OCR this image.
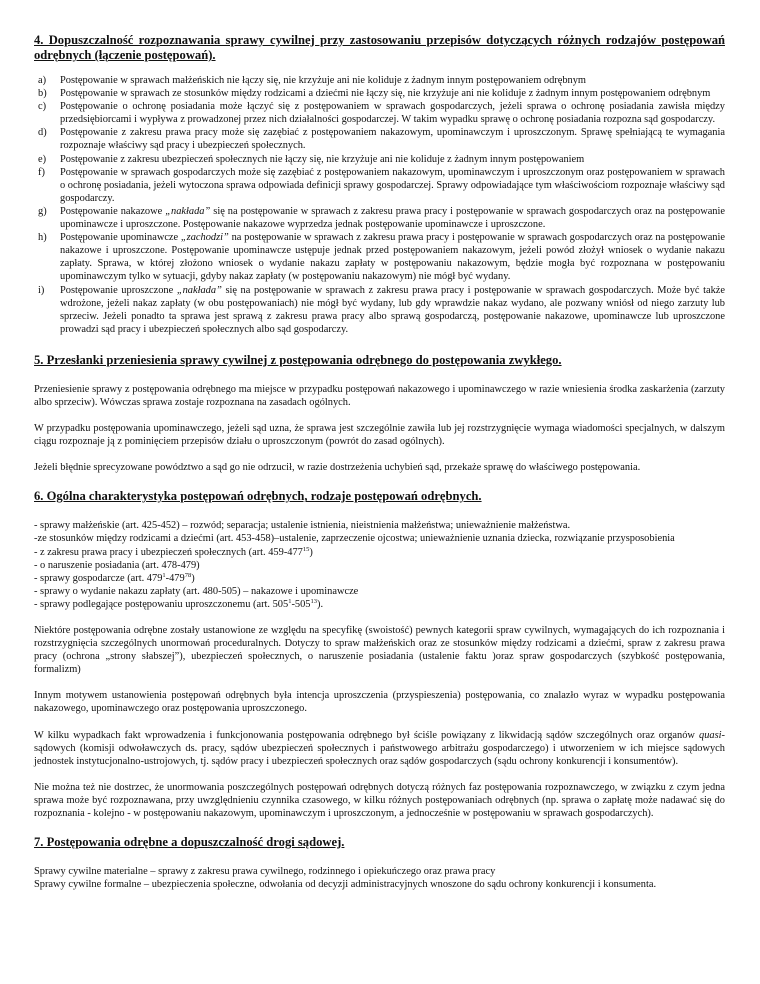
4. Dopuszczalność rozpoznawania sprawy cywilnej przy zastosowaniu przepisów dotyczących różnych rodzajów postępowań odrębnych (łączenie postępowań).
a)	Postępowanie w sprawach małżeńskich nie łączy się, nie krzyżuje ani nie koliduje z żadnym innym postępowaniem odrębnym
b)	Postępowanie w sprawach ze stosunków między rodzicami a dziećmi nie łączy się, nie krzyżuje ani nie koliduje z żadnym innym postępowaniem odrębnym
c)	Postępowanie o ochronę posiadania może łączyć się z postępowaniem w sprawach gospodarczych, jeżeli sprawa o ochronę posiadania zawisła między przedsiębiorcami i wypływa z prowadzonej przez nich działalności gospodarczej. W takim wypadku sprawę o ochronę posiadania rozpozna sąd gospodarczy.
d)	Postępowanie z zakresu prawa pracy może się zazębiać z postępowaniem nakazowym, upominawczym i uproszczonym. Sprawę spełniającą te wymagania rozpoznaje właściwy sąd pracy i ubezpieczeń społecznych.
e)	Postępowanie z zakresu ubezpieczeń społecznych nie łączy się, nie krzyżuje ani nie koliduje z żadnym innym postępowaniem
f)	Postępowanie w sprawach gospodarczych może się zazębiać z postępowaniem nakazowym, upominawczym i uproszczonym oraz postępowaniem w sprawach o ochronę posiadania, jeżeli wytoczona sprawa odpowiada definicji sprawy gospodarczej. Sprawy odpowiadające tym właściwościom rozpoznaje właściwy sąd gospodarczy.
g)	Postępowanie nakazowe „nakłada” się na postępowanie w sprawach z zakresu prawa pracy i postępowanie w sprawach gospodarczych oraz na postępowanie upominawcze i uproszczone. Postępowanie nakazowe wyprzedza jednak postępowanie upominawcze i uproszczone.
h)	Postępowanie upominawcze „zachodzi” na postępowanie w sprawach z zakresu prawa pracy i postępowanie w sprawach gospodarczych oraz na postępowanie nakazowe i uproszczone. Postępowanie upominawcze ustępuje jednak przed postępowaniem nakazowym, jeżeli powód złożył wniosek o wydanie nakazu zapłaty. Sprawa, w której złożono wniosek o wydanie nakazu zapłaty w postępowaniu nakazowym, będzie mogła być rozpoznana w postępowaniu upominawczym tylko w sytuacji, gdyby nakaz zapłaty (w postępowaniu nakazowym) nie mógł być wydany.
i)	Postępowanie uproszczone „nakłada” się na postępowanie w sprawach z zakresu prawa pracy i postępowanie w sprawach gospodarczych. Może być także wdrożone, jeżeli nakaz zapłaty (w obu postępowaniach) nie mógł być wydany, lub gdy wprawdzie nakaz wydano, ale pozwany wniósł od niego zarzuty lub sprzeciw. Jeżeli ponadto ta sprawa jest sprawą z zakresu prawa pracy albo sprawą gospodarczą, postępowanie nakazowe, upominawcze lub uproszczone prowadzi sąd pracy i ubezpieczeń społecznych albo sąd gospodarczy.
5. Przesłanki przeniesienia sprawy cywilnej z postępowania odrębnego do postępowania zwykłego.

Przeniesienie sprawy z postępowania odrębnego ma miejsce w przypadku postępowań nakazowego i upominawczego w razie wniesienia środka zaskarżenia (zarzuty albo sprzeciw). Wówczas sprawa zostaje rozpoznana na zasadach ogólnych.

W przypadku postępowania upominawczego, jeżeli sąd uzna, że sprawa jest szczególnie zawiła lub jej rozstrzygnięcie wymaga wiadomości specjalnych, w dalszym ciągu rozpoznaje ją z pominięciem przepisów działu o uproszczonym (powrót do zasad ogólnych).

Jeżeli błędnie sprecyzowane powództwo a sąd go nie odrzucił, w razie dostrzeżenia uchybień sąd, przekaże sprawę do właściwego postępowania.

6. Ogólna charakterystyka postępowań odrębnych, rodzaje postępowań odrębnych.
- sprawy małżeńskie (art. 425-452) – rozwód; separacja; ustalenie istnienia, nieistnienia małżeństwa; unieważnienie małżeństwa.
-ze stosunków między rodzicami a dziećmi (art. 453-458)–ustalenie, zaprzeczenie ojcostwa; unieważnienie uznania dziecka, rozwiązanie przysposobienia
- z zakresu prawa pracy i ubezpieczeń społecznych (art. $459-477^{15}$)
- o naruszenie posiadania (art. 478-479)
- sprawy gospodarcze (art. $479^1-479^{78}$)
- sprawy o wydanie nakazu zapłaty (art. 480-505) – nakazowe i upominawcze
- sprawy podlegające postępowaniu uproszczonemu (art. $505^1-505^{13}$).

Niektóre postępowania odrębne zostały ustanowione ze względu na specyfikę (swoistość) pewnych kategorii spraw cywilnych, wymagających do ich rozpoznania i rozstrzygnięcia szczególnych unormowań proceduralnych. Dotyczy to spraw małżeńskich oraz ze stosunków między rodzicami a dziećmi, spraw z zakresu prawa pracy (ochrona „strony słabszej”), ubezpieczeń społecznych, o naruszenie posiadania (ustalenie faktu )oraz spraw gospodarczych (szybkość postępowania, formalizm)

Innym motywem ustanowienia postępowań odrębnych była intencja uproszczenia (przyspieszenia) postępowania, co znalazło wyraz w wypadku postępowania nakazowego, upominawczego oraz postępowania uproszczonego.

W kilku wypadkach fakt wprowadzenia i funkcjonowania postępowania odrębnego był ściśle powiązany z likwidacją sądów szczególnych oraz organów quasi-sądowych (komisji odwoławczych ds. pracy, sądów ubezpieczeń społecznych i państwowego arbitrażu gospodarczego) i utworzeniem w ich miejsce sądowych jednostek instytucjonalno-ustrojowych, tj. sądów pracy i ubezpieczeń społecznych oraz sądów gospodarczych (sądu ochrony konkurencji i konsumentów).

Nie można też nie dostrzec, że unormowania poszczególnych postępowań odrębnych dotyczą różnych faz postępowania rozpoznawczego, w związku z czym jedna sprawa może być rozpoznawana, przy uwzględnieniu czynnika czasowego, w kilku różnych postępowaniach odrębnych (np. sprawa o zapłatę może nadawać się do rozpoznania - kolejno - w postępowaniu nakazowym, upominawczym i uproszczonym, a jednocześnie w postępowaniu w sprawach gospodarczych).

7. Postępowania odrębne a dopuszczalność drogi sądowej.

Sprawy cywilne materialne – sprawy z zakresu prawa cywilnego, rodzinnego i opiekuńczego oraz prawa pracy

Sprawy cywilne formalne – ubezpieczenia społeczne, odwołania od decyzji administracyjnych wnoszone do sądu ochrony konkurencji i konsumenta.
